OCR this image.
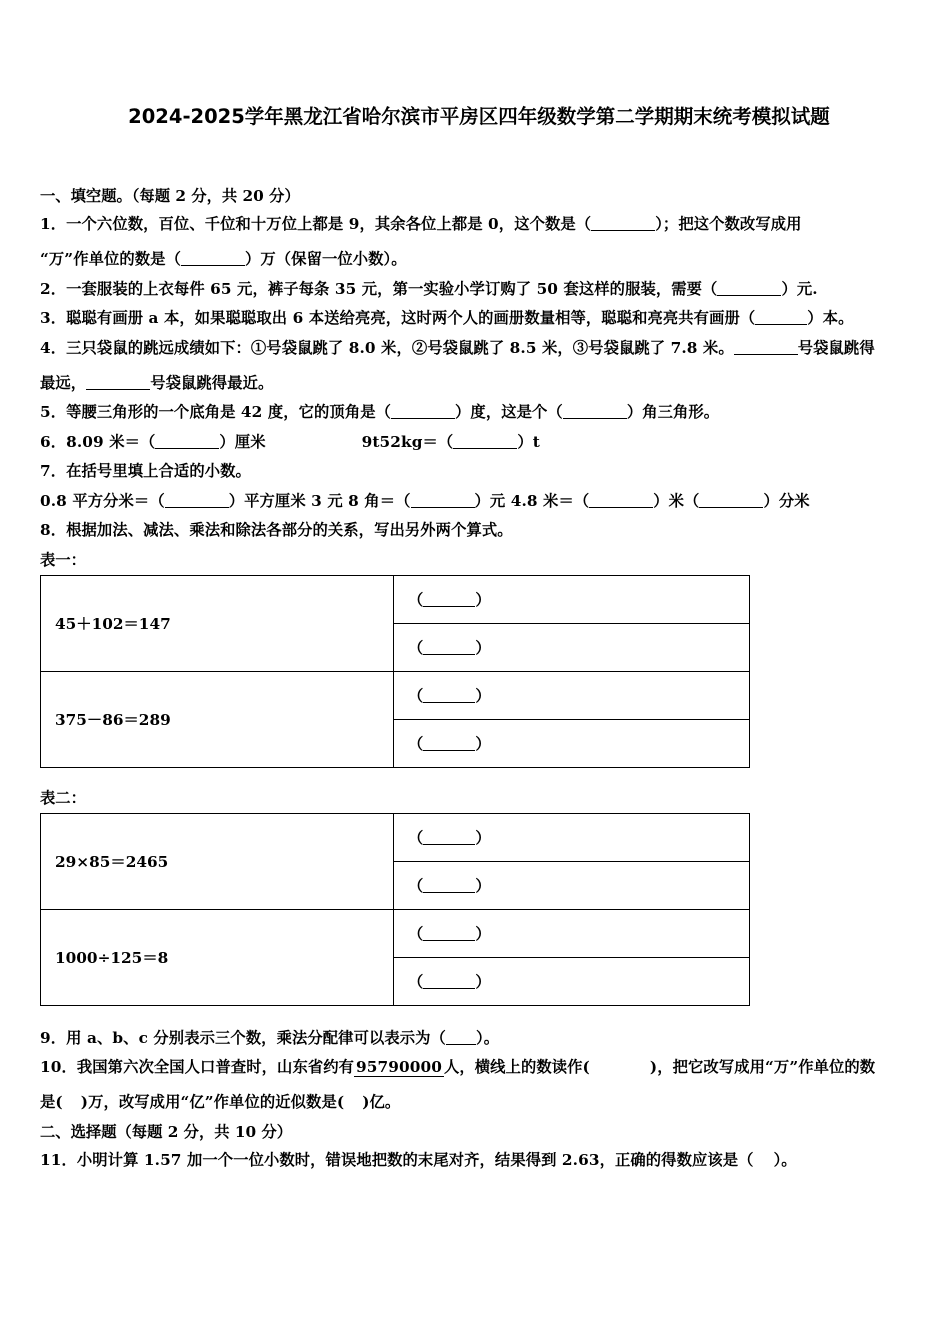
2024-2025学年黑龙江省哈尔滨市平房区四年级数学第二学期期末统考模拟试题
一、填空题。（每题 2 分，共 20 分）
1．一个六位数，百位、千位和十万位上都是 9，其余各位上都是 0，这个数是（	）；把这个数改写成用
“万”作单位的数是（	）万（保留一位小数）。
2．一套服装的上衣每件 65 元，裤子每条 35 元，第一实验小学订购了 50 套这样的服装，需要（	）元.
3．聪聪有画册 a 本，如果聪聪取出 6 本送给亮亮，这时两个人的画册数量相等，聪聪和亮亮共有画册（	）本。
4．三只袋鼠的跳远成绩如下：①号袋鼠跳了 8.0 米，②号袋鼠跳了 8.5 米，③号袋鼠跳了 7.8 米。	号袋鼠跳得
最远，	号袋鼠跳得最近。
5．等腰三角形的一个底角是 42 度，它的顶角是（	）度，这是个（	）角三角形。
6．8.09 米＝（	）厘米	9t52kg＝（	）t
7．在括号里填上合适的小数。
0.8 平方分米＝（	）平方厘米 3 元 8 角＝（	）元 4.8 米＝（	）米（	）分米
8．根据加法、减法、乘法和除法各部分的关系，写出另外两个算式。
表一：
45＋102＝147	（ ）
	（ ）
375－86＝289	（ ）
	（ ）
表二：
29×85＝2465	（ ）
	（ ）
1000÷125＝8	（ ）
	（ ）
9．用 a、b、c 分别表示三个数，乘法分配律可以表示为（ ）。
10．我国第六次全国人口普查时，山东省约有 95790000 人，横线上的数读作(	)，把它改写成用“万”作单位的数
是( )万，改写成用“亿”作单位的近似数是( )亿。
二、选择题（每题 2 分，共 10 分）
11．小明计算 1.57 加一个一位小数时，错误地把数的末尾对齐，结果得到 2.63，正确的得数应该是（ ）。
